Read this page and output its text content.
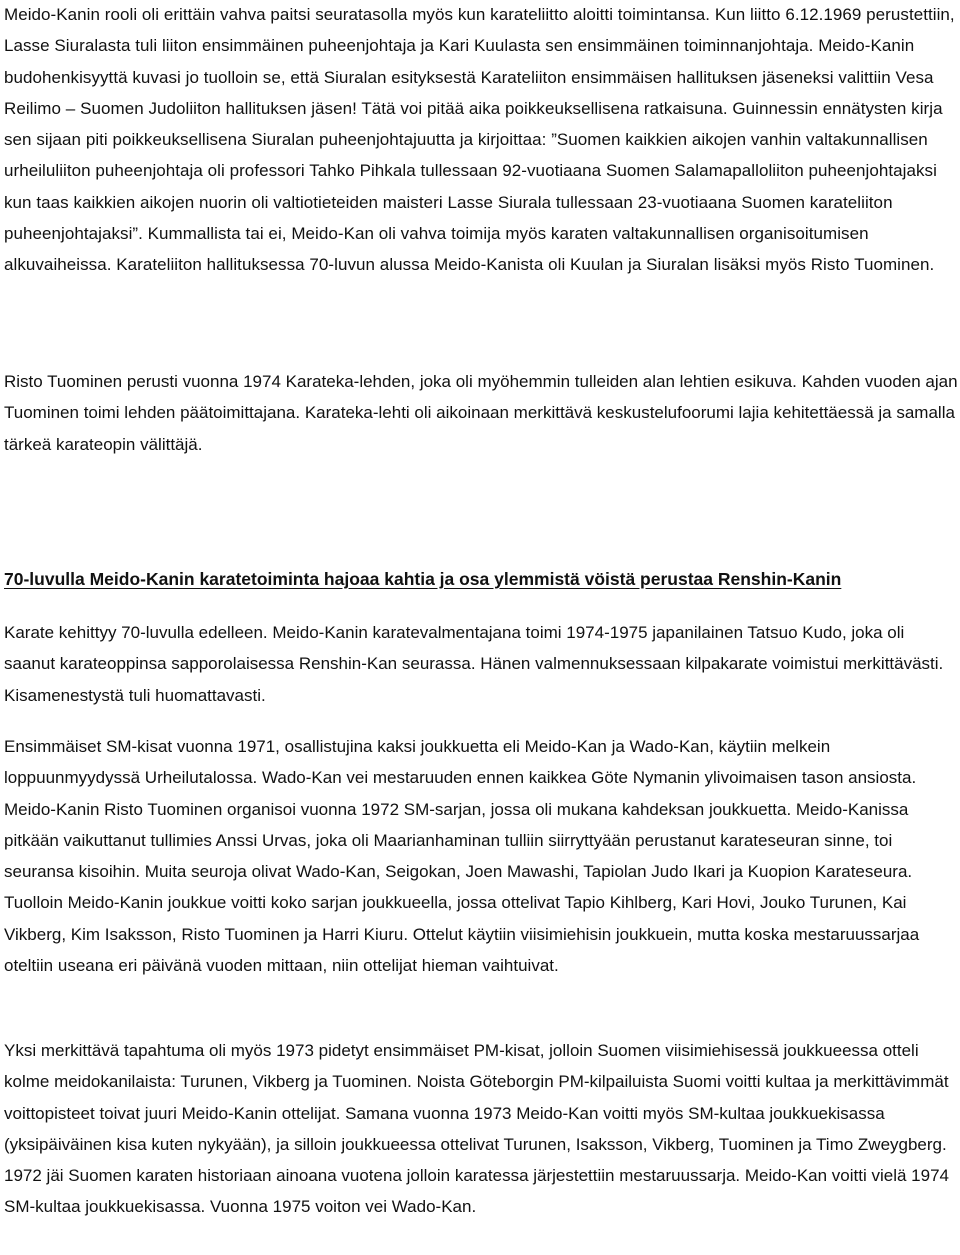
Meido-Kanin rooli oli erittäin vahva paitsi seuratasolla myös kun karateliitto aloitti toimintansa. Kun liitto 6.12.1969 perustettiin, Lasse Siuralasta tuli liiton ensimmäinen puheenjohtaja ja Kari Kuulasta sen ensimmäinen toiminnanjohtaja. Meido-Kanin budohenkisyyttä kuvasi jo tuolloin se, että Siuralan esityksestä Karateliiton ensimmäisen hallituksen jäseneksi valittiin Vesa Reilimo – Suomen Judoliiton hallituksen jäsen! Tätä voi pitää aika poikkeuksellisena ratkaisuna. Guinnessin ennätysten kirja sen sijaan piti poikkeuksellisena Siuralan puheenjohtajuutta ja kirjoittaa: ”Suomen kaikkien aikojen vanhin valtakunnallisen urheiluliiton puheenjohtaja oli professori Tahko Pihkala tullessaan 92-vuotiaana Suomen Salamapalloliiton puheenjohtajaksi kun taas kaikkien aikojen nuorin oli valtiotieteiden maisteri Lasse Siurala tullessaan 23-vuotiaana Suomen karateliiton puheenjohtajaksi”. Kummallista tai ei, Meido-Kan oli vahva toimija myös karaten valtakunnallisen organisoitumisen alkuvaiheissa. Karateliiton hallituksessa 70-luvun alussa Meido-Kanista oli Kuulan ja Siuralan lisäksi myös Risto Tuominen.

Risto Tuominen perusti vuonna 1974 Karateka-lehden, joka oli myöhemmin tulleiden alan lehtien esikuva. Kahden vuoden ajan Tuominen toimi lehden päätoimittajana. Karateka-lehti oli aikoinaan merkittävä keskustelufoorumi lajia kehitettäessä ja samalla tärkeä karateopin välittäjä.

70-luvulla Meido-Kanin karatetoiminta hajoaa kahtia ja osa ylemmistä vöistä perustaa Renshin-Kanin

Karate kehittyy 70-luvulla edelleen. Meido-Kanin karatevalmentajana toimi 1974-1975 japanilainen Tatsuo Kudo, joka oli saanut karateoppinsa sapporolaisessa Renshin-Kan seurassa. Hänen valmennuksessaan kilpakarate voimistui merkittävästi. Kisamenestystä tuli huomattavasti.

Ensimmäiset SM-kisat vuonna 1971, osallistujina kaksi joukkuetta eli Meido-Kan ja Wado-Kan, käytiin melkein loppuunmyydyssä Urheilutalossa. Wado-Kan vei mestaruuden ennen kaikkea Göte Nymanin ylivoimaisen tason ansiosta. Meido-Kanin Risto Tuominen organisoi vuonna 1972 SM-sarjan, jossa oli mukana kahdeksan joukkuetta. Meido-Kanissa pitkään vaikuttanut tullimies Anssi Urvas, joka oli Maarianhaminan tulliin siirryttyään perustanut karateseuran sinne, toi seuransa kisoihin. Muita seuroja olivat Wado-Kan, Seigokan, Joen Mawashi, Tapiolan Judo Ikari ja Kuopion Karateseura. Tuolloin Meido-Kanin joukkue voitti koko sarjan joukkueella, jossa ottelivat Tapio Kihlberg, Kari Hovi, Jouko Turunen, Kai Vikberg, Kim Isaksson, Risto Tuominen ja Harri Kiuru. Ottelut käytiin viisimiehisin joukkuein, mutta koska mestaruussarjaa oteltiin useana eri päivänä vuoden mittaan, niin ottelijat hieman vaihtuivat.

Yksi merkittävä tapahtuma oli myös 1973 pidetyt ensimmäiset PM-kisat, jolloin Suomen viisimiehisessä joukkueessa otteli kolme meidokanilaista: Turunen, Vikberg ja Tuominen. Noista Göteborgin PM-kilpailuista Suomi voitti kultaa ja merkittävimmät voittopisteet toivat juuri Meido-Kanin ottelijat. Samana vuonna 1973 Meido-Kan voitti myös SM-kultaa joukkuekisassa (yksipäiväinen kisa kuten nykyään), ja silloin joukkueessa ottelivat Turunen, Isaksson, Vikberg, Tuominen ja Timo Zweygberg. 1972 jäi Suomen karaten historiaan ainoana vuotena jolloin karatessa järjestettiin mestaruussarja. Meido-Kan voitti vielä 1974 SM-kultaa joukkuekisassa. Vuonna 1975 voiton vei Wado-Kan.
